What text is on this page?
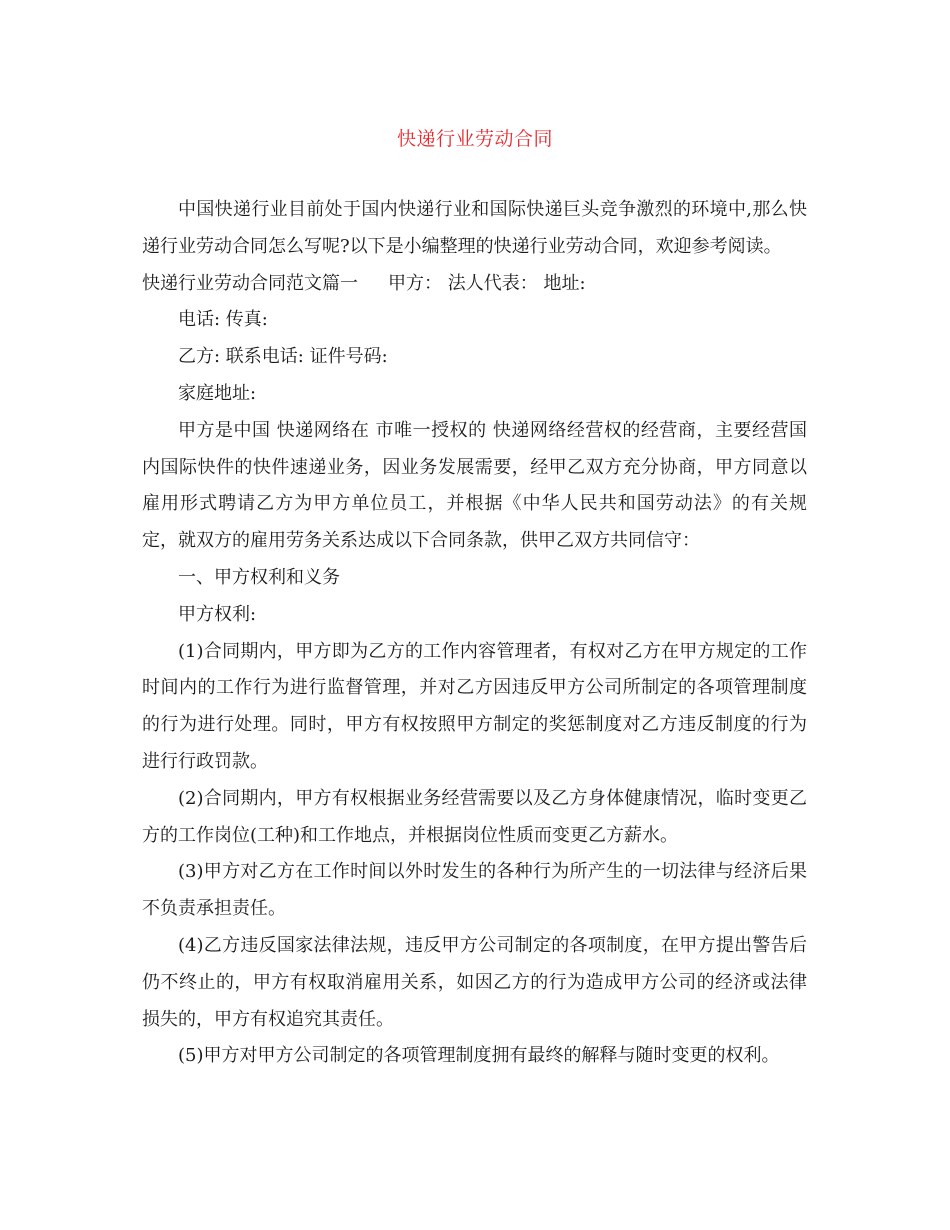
快递行业劳动合同

中国快递行业目前处于国内快递行业和国际快递巨头竞争激烈的环境中,那么快递行业劳动合同怎么写呢?以下是小编整理的快递行业劳动合同，欢迎参考阅读。

快递行业劳动合同范文篇一 甲方： 法人代表： 地址:

电话: 传真:

乙方: 联系电话: 证件号码:

家庭地址:

甲方是中国 快递网络在 市唯一授权的 快递网络经营权的经营商，主要经营国内国际快件的快件速递业务，因业务发展需要，经甲乙双方充分协商，甲方同意以雇用形式聘请乙方为甲方单位员工，并根据《中华人民共和国劳动法》的有关规定，就双方的雇用劳务关系达成以下合同条款，供甲乙双方共同信守：

一、甲方权利和义务

甲方权利:

(1)合同期内，甲方即为乙方的工作内容管理者，有权对乙方在甲方规定的工作时间内的工作行为进行监督管理，并对乙方因违反甲方公司所制定的各项管理制度的行为进行处理。同时，甲方有权按照甲方制定的奖惩制度对乙方违反制度的行为进行行政罚款。

(2)合同期内，甲方有权根据业务经营需要以及乙方身体健康情况，临时变更乙方的工作岗位(工种)和工作地点，并根据岗位性质而变更乙方薪水。

(3)甲方对乙方在工作时间以外时发生的各种行为所产生的一切法律与经济后果不负责承担责任。

(4)乙方违反国家法律法规，违反甲方公司制定的各项制度，在甲方提出警告后仍不终止的，甲方有权取消雇用关系，如因乙方的行为造成甲方公司的经济或法律损失的，甲方有权追究其责任。

(5)甲方对甲方公司制定的各项管理制度拥有最终的解释与随时变更的权利。
